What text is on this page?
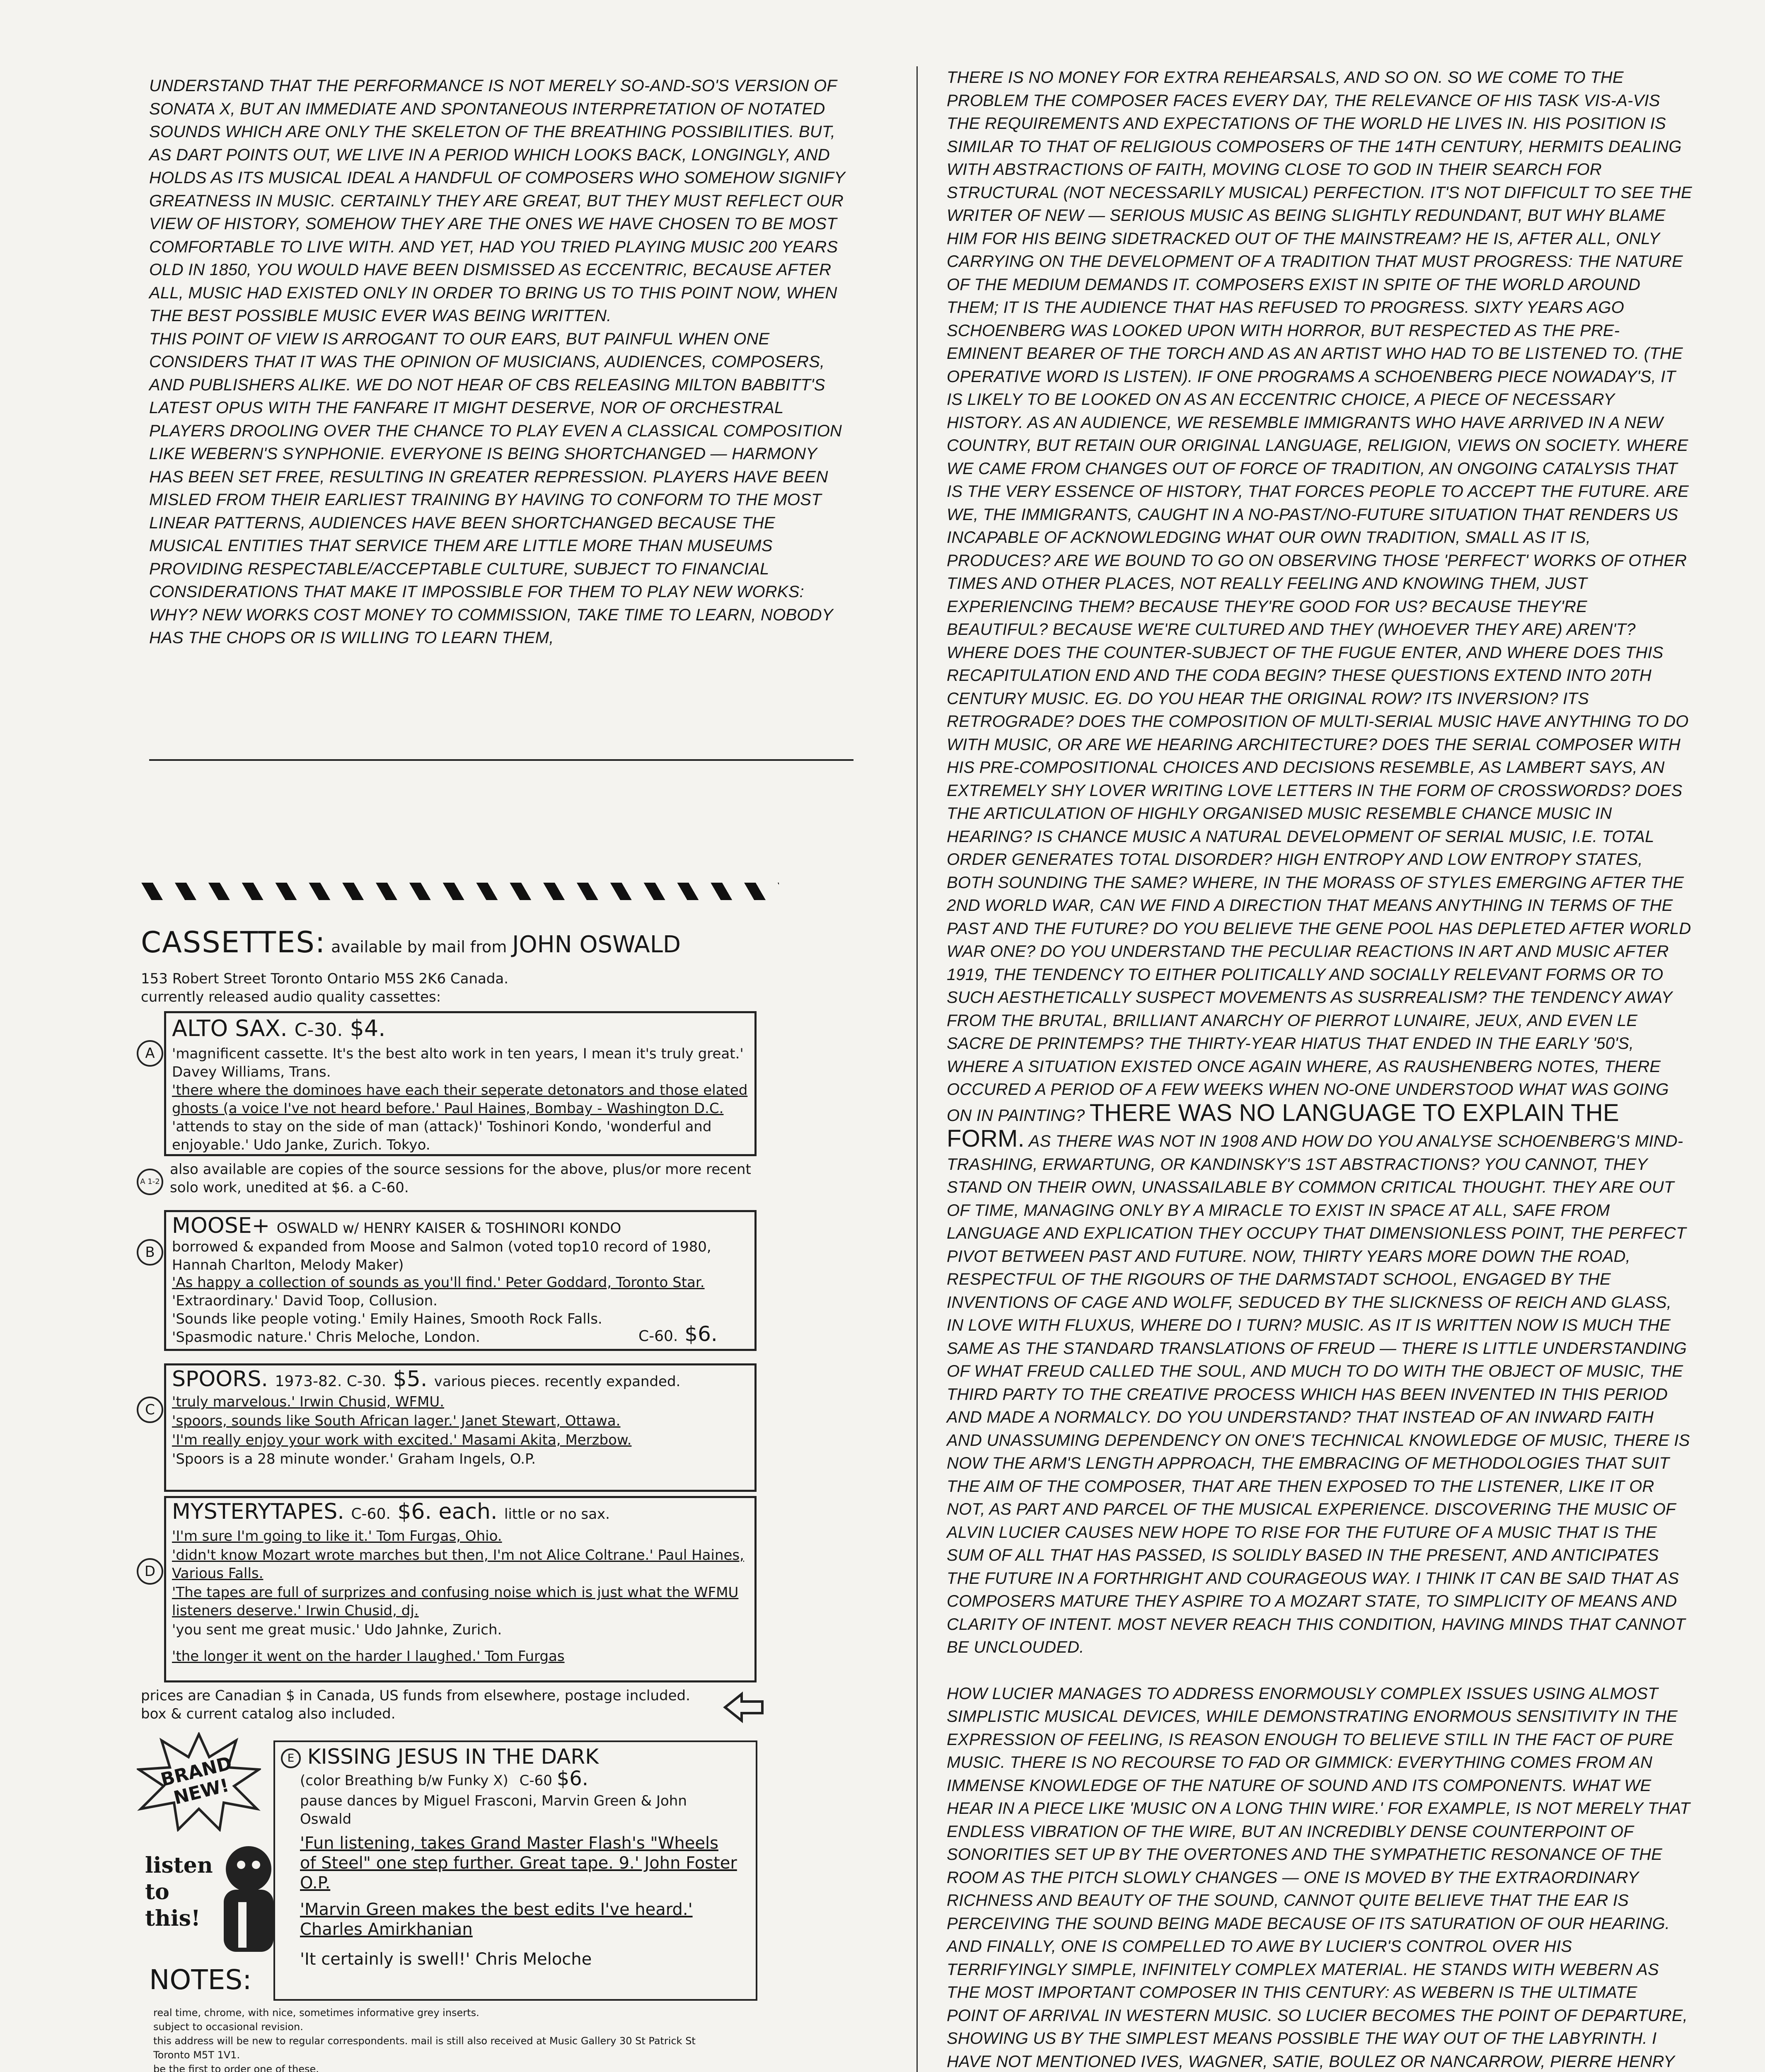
UNDERSTAND THAT THE PERFORMANCE IS NOT MERELY SO-AND-SO'S VERSION OF SONATA X, BUT AN IMMEDIATE AND SPONTANEOUS INTERPRETATION OF NOTATED SOUNDS WHICH ARE ONLY THE SKELETON OF THE BREATHING POSSIBILITIES. BUT, AS DART POINTS OUT, WE LIVE IN A PERIOD WHICH LOOKS BACK, LONGINGLY, AND HOLDS AS ITS MUSICAL IDEAL A HANDFUL OF COMPOSERS WHO SOMEHOW SIGNIFY GREATNESS IN MUSIC. CERTAINLY THEY ARE GREAT, BUT THEY MUST REFLECT OUR VIEW OF HISTORY, SOMEHOW THEY ARE THE ONES WE HAVE CHOSEN TO BE MOST COMFORTABLE TO LIVE WITH. AND YET, HAD YOU TRIED PLAYING MUSIC 200 YEARS OLD IN 1850, YOU WOULD HAVE BEEN DISMISSED AS ECCENTRIC, BECAUSE AFTER ALL, MUSIC HAD EXISTED ONLY IN ORDER TO BRING US TO THIS POINT NOW, WHEN THE BEST POSSIBLE MUSIC EVER WAS BEING WRITTEN.

THIS POINT OF VIEW IS ARROGANT TO OUR EARS, BUT PAINFUL WHEN ONE CONSIDERS THAT IT WAS THE OPINION OF MUSICIANS, AUDIENCES, COMPOSERS, AND PUBLISHERS ALIKE. WE DO NOT HEAR OF CBS RELEASING MILTON BABBITT'S LATEST OPUS WITH THE FANFARE IT MIGHT DESERVE, NOR OF ORCHESTRAL PLAYERS DROOLING OVER THE CHANCE TO PLAY EVEN A CLASSICAL COMPOSITION LIKE WEBERN'S SYNPHONIE. EVERYONE IS BEING SHORTCHANGED — HARMONY HAS BEEN SET FREE, RESULTING IN GREATER REPRESSION. PLAYERS HAVE BEEN MISLED FROM THEIR EARLIEST TRAINING BY HAVING TO CONFORM TO THE MOST LINEAR PATTERNS, AUDIENCES HAVE BEEN SHORTCHANGED BECAUSE THE MUSICAL ENTITIES THAT SERVICE THEM ARE LITTLE MORE THAN MUSEUMS PROVIDING RESPECTABLE/ACCEPTABLE CULTURE, SUBJECT TO FINANCIAL CONSIDERATIONS THAT MAKE IT IMPOSSIBLE FOR THEM TO PLAY NEW WORKS: WHY? NEW WORKS COST MONEY TO COMMISSION, TAKE TIME TO LEARN, NOBODY HAS THE CHOPS OR IS WILLING TO LEARN THEM,

THERE IS NO MONEY FOR EXTRA REHEARSALS, AND SO ON. SO WE COME TO THE PROBLEM THE COMPOSER FACES EVERY DAY, THE RELEVANCE OF HIS TASK VIS-A-VIS THE REQUIREMENTS AND EXPECTATIONS OF THE WORLD HE LIVES IN. HIS POSITION IS SIMILAR TO THAT OF RELIGIOUS COMPOSERS OF THE 14TH CENTURY, HERMITS DEALING WITH ABSTRACTIONS OF FAITH, MOVING CLOSE TO GOD IN THEIR SEARCH FOR STRUCTURAL (NOT NECESSARILY MUSICAL) PERFECTION. IT'S NOT DIFFICULT TO SEE THE WRITER OF NEW — SERIOUS MUSIC AS BEING SLIGHTLY REDUNDANT, BUT WHY BLAME HIM FOR HIS BEING SIDETRACKED OUT OF THE MAINSTREAM? HE IS, AFTER ALL, ONLY CARRYING ON THE DEVELOPMENT OF A TRADITION THAT MUST PROGRESS: THE NATURE OF THE MEDIUM DEMANDS IT. COMPOSERS EXIST IN SPITE OF THE WORLD AROUND THEM; IT IS THE AUDIENCE THAT HAS REFUSED TO PROGRESS. SIXTY YEARS AGO SCHOENBERG WAS LOOKED UPON WITH HORROR, BUT RESPECTED AS THE PRE-EMINENT BEARER OF THE TORCH AND AS AN ARTIST WHO HAD TO BE LISTENED TO. (THE OPERATIVE WORD IS LISTEN). IF ONE PROGRAMS A SCHOENBERG PIECE NOWADAY'S, IT IS LIKELY TO BE LOOKED ON AS AN ECCENTRIC CHOICE, A PIECE OF NECESSARY HISTORY. AS AN AUDIENCE, WE RESEMBLE IMMIGRANTS WHO HAVE ARRIVED IN A NEW COUNTRY, BUT RETAIN OUR ORIGINAL LANGUAGE, RELIGION, VIEWS ON SOCIETY. WHERE WE CAME FROM CHANGES OUT OF FORCE OF TRADITION, AN ONGOING CATALYSIS THAT IS THE VERY ESSENCE OF HISTORY, THAT FORCES PEOPLE TO ACCEPT THE FUTURE. ARE WE, THE IMMIGRANTS, CAUGHT IN A NO-PAST/NO-FUTURE SITUATION THAT RENDERS US INCAPABLE OF ACKNOWLEDGING WHAT OUR OWN TRADITION, SMALL AS IT IS, PRODUCES? ARE WE BOUND TO GO ON OBSERVING THOSE 'PERFECT' WORKS OF OTHER TIMES AND OTHER PLACES, NOT REALLY FEELING AND KNOWING THEM, JUST EXPERIENCING THEM? BECAUSE THEY'RE GOOD FOR US? BECAUSE THEY'RE BEAUTIFUL? BECAUSE WE'RE CULTURED AND THEY (WHOEVER THEY ARE) AREN'T? WHERE DOES THE COUNTER-SUBJECT OF THE FUGUE ENTER, AND WHERE DOES THIS RECAPITULATION END AND THE CODA BEGIN? THESE QUESTIONS EXTEND INTO 20TH CENTURY MUSIC. EG. DO YOU HEAR THE ORIGINAL ROW? ITS INVERSION? ITS RETROGRADE? DOES THE COMPOSITION OF MULTI-SERIAL MUSIC HAVE ANYTHING TO DO WITH MUSIC, OR ARE WE HEARING ARCHITECTURE? DOES THE SERIAL COMPOSER WITH HIS PRE-COMPOSITIONAL CHOICES AND DECISIONS RESEMBLE, AS LAMBERT SAYS, AN EXTREMELY SHY LOVER WRITING LOVE LETTERS IN THE FORM OF CROSSWORDS? DOES THE ARTICULATION OF HIGHLY ORGANISED MUSIC RESEMBLE CHANCE MUSIC IN HEARING? IS CHANCE MUSIC A NATURAL DEVELOPMENT OF SERIAL MUSIC, I.E. TOTAL ORDER GENERATES TOTAL DISORDER? HIGH ENTROPY AND LOW ENTROPY STATES, BOTH SOUNDING THE SAME? WHERE, IN THE MORASS OF STYLES EMERGING AFTER THE 2ND WORLD WAR, CAN WE FIND A DIRECTION THAT MEANS ANYTHING IN TERMS OF THE PAST AND THE FUTURE? DO YOU BELIEVE THE GENE POOL HAS DEPLETED AFTER WORLD WAR ONE? DO YOU UNDERSTAND THE PECULIAR REACTIONS IN ART AND MUSIC AFTER 1919, THE TENDENCY TO EITHER POLITICALLY AND SOCIALLY RELEVANT FORMS OR TO SUCH AESTHETICALLY SUSPECT MOVEMENTS AS SUSRREALISM? THE TENDENCY AWAY FROM THE BRUTAL, BRILLIANT ANARCHY OF PIERROT LUNAIRE, JEUX, AND EVEN LE SACRE DE PRINTEMPS? THE THIRTY-YEAR HIATUS THAT ENDED IN THE EARLY '50'S, WHERE A SITUATION EXISTED ONCE AGAIN WHERE, AS RAUSHENBERG NOTES, THERE OCCURED A PERIOD OF A FEW WEEKS WHEN NO-ONE UNDERSTOOD WHAT WAS GOING ON IN PAINTING? THERE WAS NO LANGUAGE TO EXPLAIN THE FORM. AS THERE WAS NOT IN 1908 AND HOW DO YOU ANALYSE SCHOENBERG'S MIND-TRASHING, ERWARTUNG, OR KANDINSKY'S 1ST ABSTRACTIONS? YOU CANNOT, THEY STAND ON THEIR OWN, UNASSAILABLE BY COMMON CRITICAL THOUGHT. THEY ARE OUT OF TIME, MANAGING ONLY BY A MIRACLE TO EXIST IN SPACE AT ALL, SAFE FROM LANGUAGE AND EXPLICATION THEY OCCUPY THAT DIMENSIONLESS POINT, THE PERFECT PIVOT BETWEEN PAST AND FUTURE. NOW, THIRTY YEARS MORE DOWN THE ROAD, RESPECTFUL OF THE RIGOURS OF THE DARMSTADT SCHOOL, ENGAGED BY THE INVENTIONS OF CAGE AND WOLFF, SEDUCED BY THE SLICKNESS OF REICH AND GLASS, IN LOVE WITH FLUXUS, WHERE DO I TURN? MUSIC. AS IT IS WRITTEN NOW IS MUCH THE SAME AS THE STANDARD TRANSLATIONS OF FREUD — THERE IS LITTLE UNDERSTANDING OF WHAT FREUD CALLED THE SOUL, AND MUCH TO DO WITH THE OBJECT OF MUSIC, THE THIRD PARTY TO THE CREATIVE PROCESS WHICH HAS BEEN INVENTED IN THIS PERIOD AND MADE A NORMALCY. DO YOU UNDERSTAND? THAT INSTEAD OF AN INWARD FAITH AND UNASSUMING DEPENDENCY ON ONE'S TECHNICAL KNOWLEDGE OF MUSIC, THERE IS NOW THE ARM'S LENGTH APPROACH, THE EMBRACING OF METHODOLOGIES THAT SUIT THE AIM OF THE COMPOSER, THAT ARE THEN EXPOSED TO THE LISTENER, LIKE IT OR NOT, AS PART AND PARCEL OF THE MUSICAL EXPERIENCE. DISCOVERING THE MUSIC OF ALVIN LUCIER CAUSES NEW HOPE TO RISE FOR THE FUTURE OF A MUSIC THAT IS THE SUM OF ALL THAT HAS PASSED, IS SOLIDLY BASED IN THE PRESENT, AND ANTICIPATES THE FUTURE IN A FORTHRIGHT AND COURAGEOUS WAY. I THINK IT CAN BE SAID THAT AS COMPOSERS MATURE THEY ASPIRE TO A MOZART STATE, TO SIMPLICITY OF MEANS AND CLARITY OF INTENT. MOST NEVER REACH THIS CONDITION, HAVING MINDS THAT CANNOT BE UNCLOUDED.

HOW LUCIER MANAGES TO ADDRESS ENORMOUSLY COMPLEX ISSUES USING ALMOST SIMPLISTIC MUSICAL DEVICES, WHILE DEMONSTRATING ENORMOUS SENSITIVITY IN THE EXPRESSION OF FEELING, IS REASON ENOUGH TO BELIEVE STILL IN THE FACT OF PURE MUSIC. THERE IS NO RECOURSE TO FAD OR GIMMICK: EVERYTHING COMES FROM AN IMMENSE KNOWLEDGE OF THE NATURE OF SOUND AND ITS COMPONENTS. WHAT WE HEAR IN A PIECE LIKE 'MUSIC ON A LONG THIN WIRE.' FOR EXAMPLE, IS NOT MERELY THAT ENDLESS VIBRATION OF THE WIRE, BUT AN INCREDIBLY DENSE COUNTERPOINT OF SONORITIES SET UP BY THE OVERTONES AND THE SYMPATHETIC RESONANCE OF THE ROOM AS THE PITCH SLOWLY CHANGES — ONE IS MOVED BY THE EXTRAORDINARY RICHNESS AND BEAUTY OF THE SOUND, CANNOT QUITE BELIEVE THAT THE EAR IS PERCEIVING THE SOUND BEING MADE BECAUSE OF ITS SATURATION OF OUR HEARING. AND FINALLY, ONE IS COMPELLED TO AWE BY LUCIER'S CONTROL OVER HIS TERRIFYINGLY SIMPLE, INFINITELY COMPLEX MATERIAL. HE STANDS WITH WEBERN AS THE MOST IMPORTANT COMPOSER IN THIS CENTURY: AS WEBERN IS THE ULTIMATE POINT OF ARRIVAL IN WESTERN MUSIC. SO LUCIER BECOMES THE POINT OF DEPARTURE, SHOWING US BY THE SIMPLEST MEANS POSSIBLE THE WAY OUT OF THE LABYRINTH. I HAVE NOT MENTIONED IVES, WAGNER, SATIE, BOULEZ OR NANCARROW, PIERRE HENRY

CASSETTES: available by mail from JOHN OSWALD
153 Robert Street Toronto Ontario M5S 2K6 Canada.
currently released audio quality cassettes:
A
ALTO SAX. C-30. $4.
'magnificent cassette. It's the best alto work in ten years, I mean it's truly great.' Davey Williams, Trans.
'there where the dominoes have each their seperate detonators and those elated ghosts (a voice I've not heard before.' Paul Haines, Bombay - Washington D.C.
'attends to stay on the side of man (attack)' Toshinori Kondo, 'wonderful and enjoyable.' Udo Janke, Zurich. Tokyo.
A 1-2
also available are copies of the source sessions for the above, plus/or more recent solo work, unedited at $6. a C-60.
B
MOOSE+ OSWALD w/ HENRY KAISER & TOSHINORI KONDO
borrowed & expanded from Moose and Salmon (voted top10 record of 1980, Hannah Charlton, Melody Maker)
'As happy a collection of sounds as you'll find.' Peter Goddard, Toronto Star.
'Extraordinary.' David Toop, Collusion.
'Sounds like people voting.' Emily Haines, Smooth Rock Falls.
'Spasmodic nature.' Chris Meloche, London.	C-60. $6.
C
SPOORS. 1973-82. C-30. $5. various pieces. recently expanded.
'truly marvelous.' Irwin Chusid, WFMU.
'spoors, sounds like South African lager.' Janet Stewart, Ottawa.
'I'm really enjoy your work with excited.' Masami Akita, Merzbow.
'Spoors is a 28 minute wonder.' Graham Ingels, O.P.
D
MYSTERYTAPES. C-60. $6. each. little or no sax.
'I'm sure I'm going to like it.' Tom Furgas, Ohio.
'didn't know Mozart wrote marches but then, I'm not Alice Coltrane.' Paul Haines, Various Falls.
'The tapes are full of surprizes and confusing noise which is just what the WFMU listeners deserve.' Irwin Chusid, dj.
'you sent me great music.' Udo Jahnke, Zurich.
'the longer it went on the harder I laughed.' Tom Furgas
prices are Canadian $ in Canada, US funds from elsewhere, postage included. box & current catalog also included.
BRAND NEW!
listen to this!
E KISSING JESUS IN THE DARK
(color Breathing b/w Funky X) C-60 $6.
pause dances by Miguel Frasconi, Marvin Green & John Oswald
'Fun listening, takes Grand Master Flash's "Wheels of Steel" one step further. Great tape. 9.' John Foster O.P.
'Marvin Green makes the best edits I've heard.' Charles Amirkhanian
'It certainly is swell!' Chris Meloche
NOTES:
real time, chrome, with nice, sometimes informative grey inserts.
subject to occasional revision.
this address will be new to regular correspondents. mail is still also received at Music Gallery 30 St Patrick St Toronto M5T 1V1.
be the first to order one of these.
